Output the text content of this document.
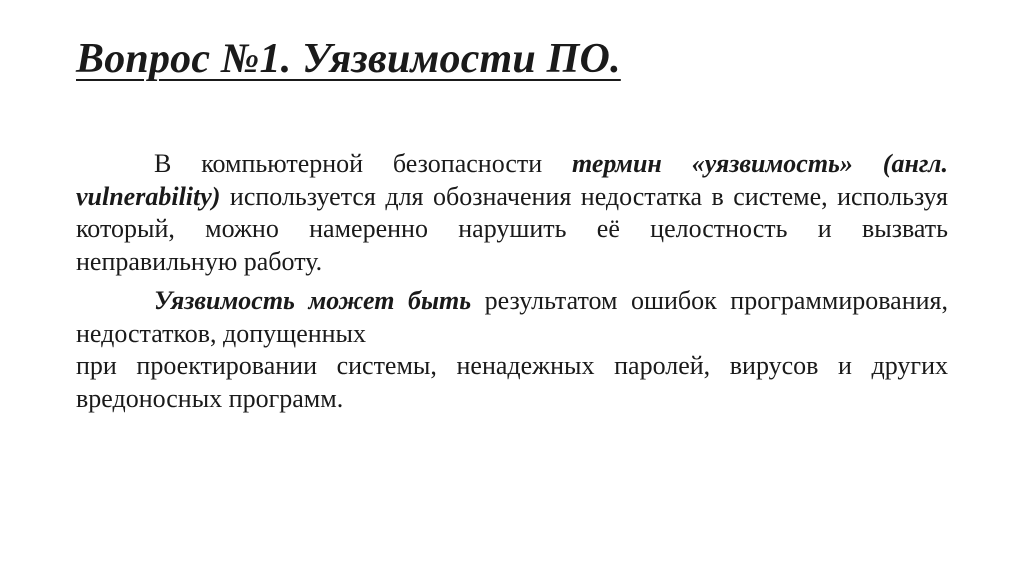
Вопрос №1. Уязвимости ПО.

В компьютерной безопасности термин «уязвимость» (англ. vulnerability) используется для обозначения недостатка в системе, используя который, можно намеренно нарушить её целостность и вызвать неправильную работу.

Уязвимость может быть результатом ошибок программирования, недостатков, допущенных
при проектировании системы, ненадежных паролей, вирусов и других вредоносных программ.
